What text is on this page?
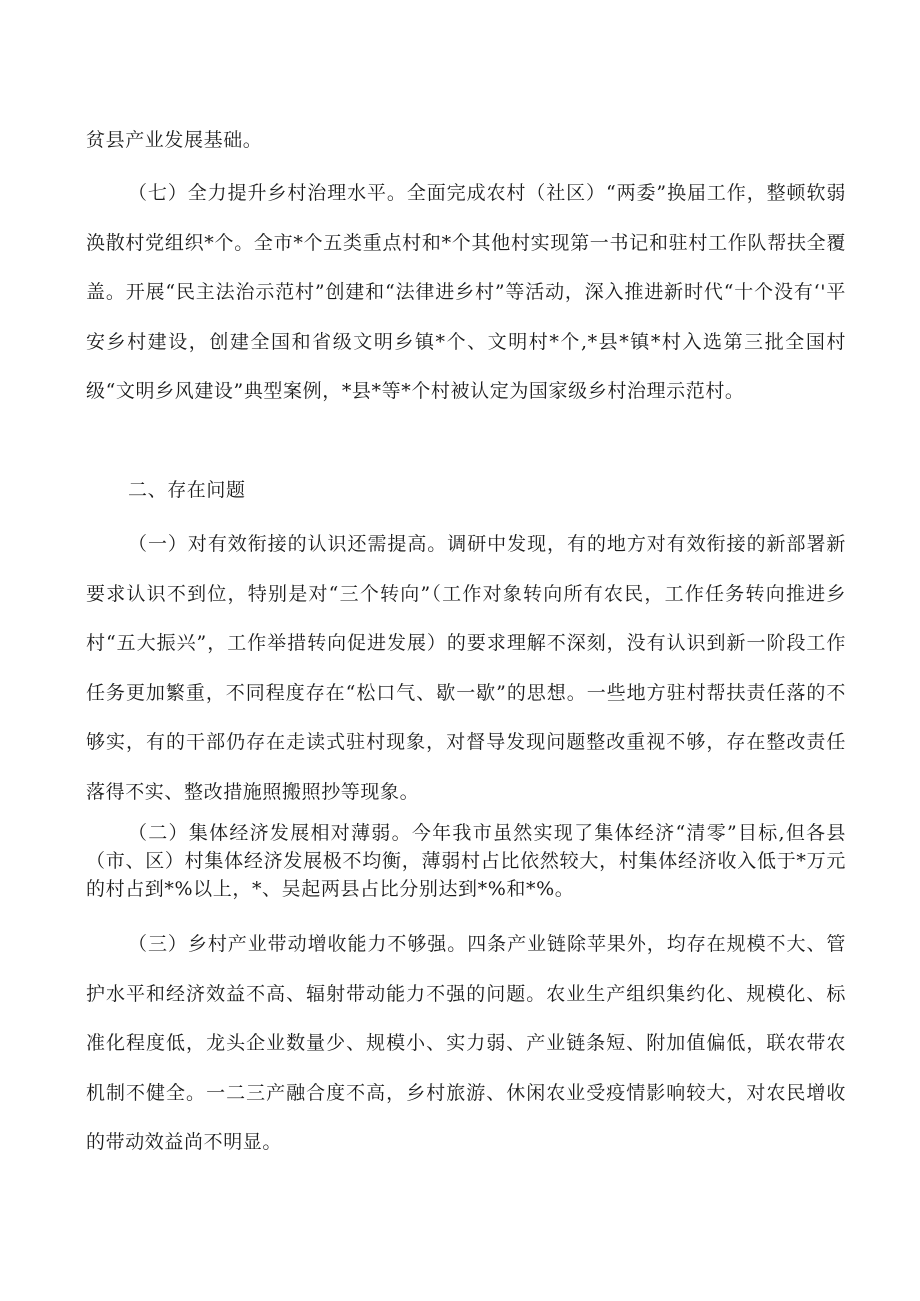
贫县产业发展基础。

（七）全力提升乡村治理水平。全面完成农村（社区）“两委”换届工作，整顿软弱涣散村党组织*个。全市*个五类重点村和*个其他村实现第一书记和驻村工作队帮扶全覆盖。开展“民主法治示范村”创建和“法律进乡村”等活动，深入推进新时代“十个没有‘'平安乡村建设，创建全国和省级文明乡镇*个、文明村*个,*县*镇*村入选第三批全国村级“文明乡风建设”典型案例，*县*等*个村被认定为国家级乡村治理示范村。

二、存在问题

（一）对有效衔接的认识还需提高。调研中发现，有的地方对有效衔接的新部署新要求认识不到位，特别是对“三个转向”（工作对象转向所有农民，工作任务转向推进乡村“五大振兴”，工作举措转向促进发展）的要求理解不深刻，没有认识到新一阶段工作任务更加繁重，不同程度存在“松口气、歇一歇”的思想。一些地方驻村帮扶责任落的不够实，有的干部仍存在走读式驻村现象，对督导发现问题整改重视不够，存在整改责任落得不实、整改措施照搬照抄等现象。

（二）集体经济发展相对薄弱。今年我市虽然实现了集体经济“清零”目标,但各县（市、区）村集体经济发展极不均衡，薄弱村占比依然较大，村集体经济收入低于*万元的村占到*%以上，*、吴起两县占比分别达到*%和*%。

（三）乡村产业带动增收能力不够强。四条产业链除苹果外，均存在规模不大、管护水平和经济效益不高、辐射带动能力不强的问题。农业生产组织集约化、规模化、标准化程度低，龙头企业数量少、规模小、实力弱、产业链条短、附加值偏低，联农带农机制不健全。一二三产融合度不高，乡村旅游、休闲农业受疫情影响较大，对农民增收的带动效益尚不明显。
